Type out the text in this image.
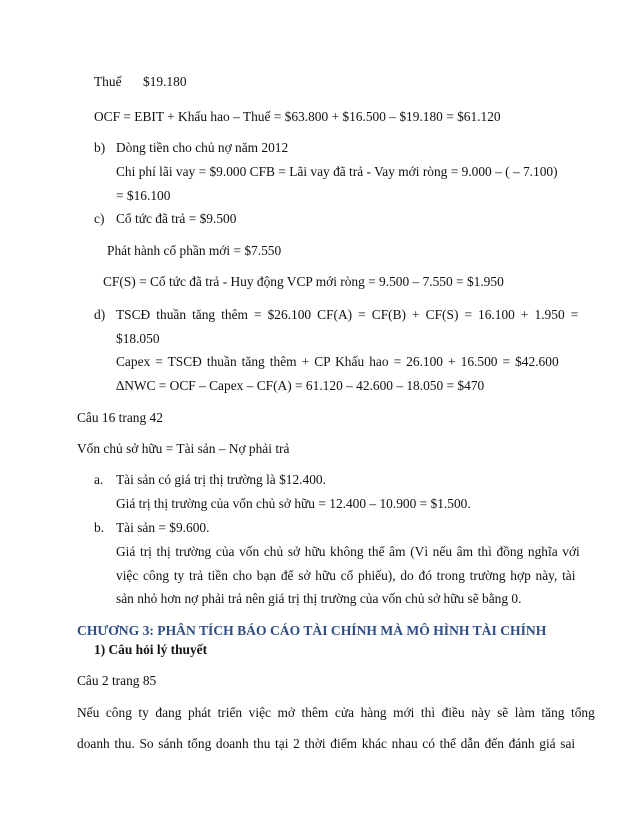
Thuế $19.180
OCF = EBIT + Khấu hao – Thuế = $63.800 + $16.500 – $19.180 = $61.120
b) Dòng tiền cho chủ nợ năm 2012
Chi phí lãi vay = $9.000 CFB = Lãi vay đã trả - Vay mới ròng = 9.000 – ( – 7.100)
= $16.100
c) Cổ tức đã trả = $9.500
Phát hành cổ phần mới = $7.550
CF(S) = Cổ tức đã trả - Huy động VCP mới ròng = 9.500 – 7.550 = $1.950
d) TSCĐ thuần tăng thêm = $26.100 CF(A) = CF(B) + CF(S) = 16.100 + 1.950 =
$18.050
Capex = TSCĐ thuần tăng thêm + CP Khấu hao = 26.100 + 16.500 = $42.600
∆NWC = OCF – Capex – CF(A) = 61.120 – 42.600 – 18.050 = $470
Câu 16 trang 42
Vốn chủ sở hữu = Tài sản – Nợ phải trả
a. Tài sản có giá trị thị trường là $12.400.
Giá trị thị trường của vốn chủ sở hữu = 12.400 – 10.900 = $1.500.
b. Tài sản = $9.600.
Giá trị thị trường của vốn chủ sở hữu không thể âm (Vì nếu âm thì đồng nghĩa với
việc công ty trả tiền cho bạn để sở hữu cổ phiếu), do đó trong trường hợp này, tài
sản nhỏ hơn nợ phải trả nên giá trị thị trường của vốn chủ sở hữu sẽ bằng 0.
CHƯƠNG 3: PHÂN TÍCH BÁO CÁO TÀI CHÍNH MÀ MÔ HÌNH TÀI CHÍNH
1) Câu hỏi lý thuyết
Câu 2 trang 85
Nếu công ty đang phát triển việc mở thêm cửa hàng mới thì điều này sẽ làm tăng tổng
doanh thu. So sánh tổng doanh thu tại 2 thời điểm khác nhau có thể dẫn đến đánh giá sai
